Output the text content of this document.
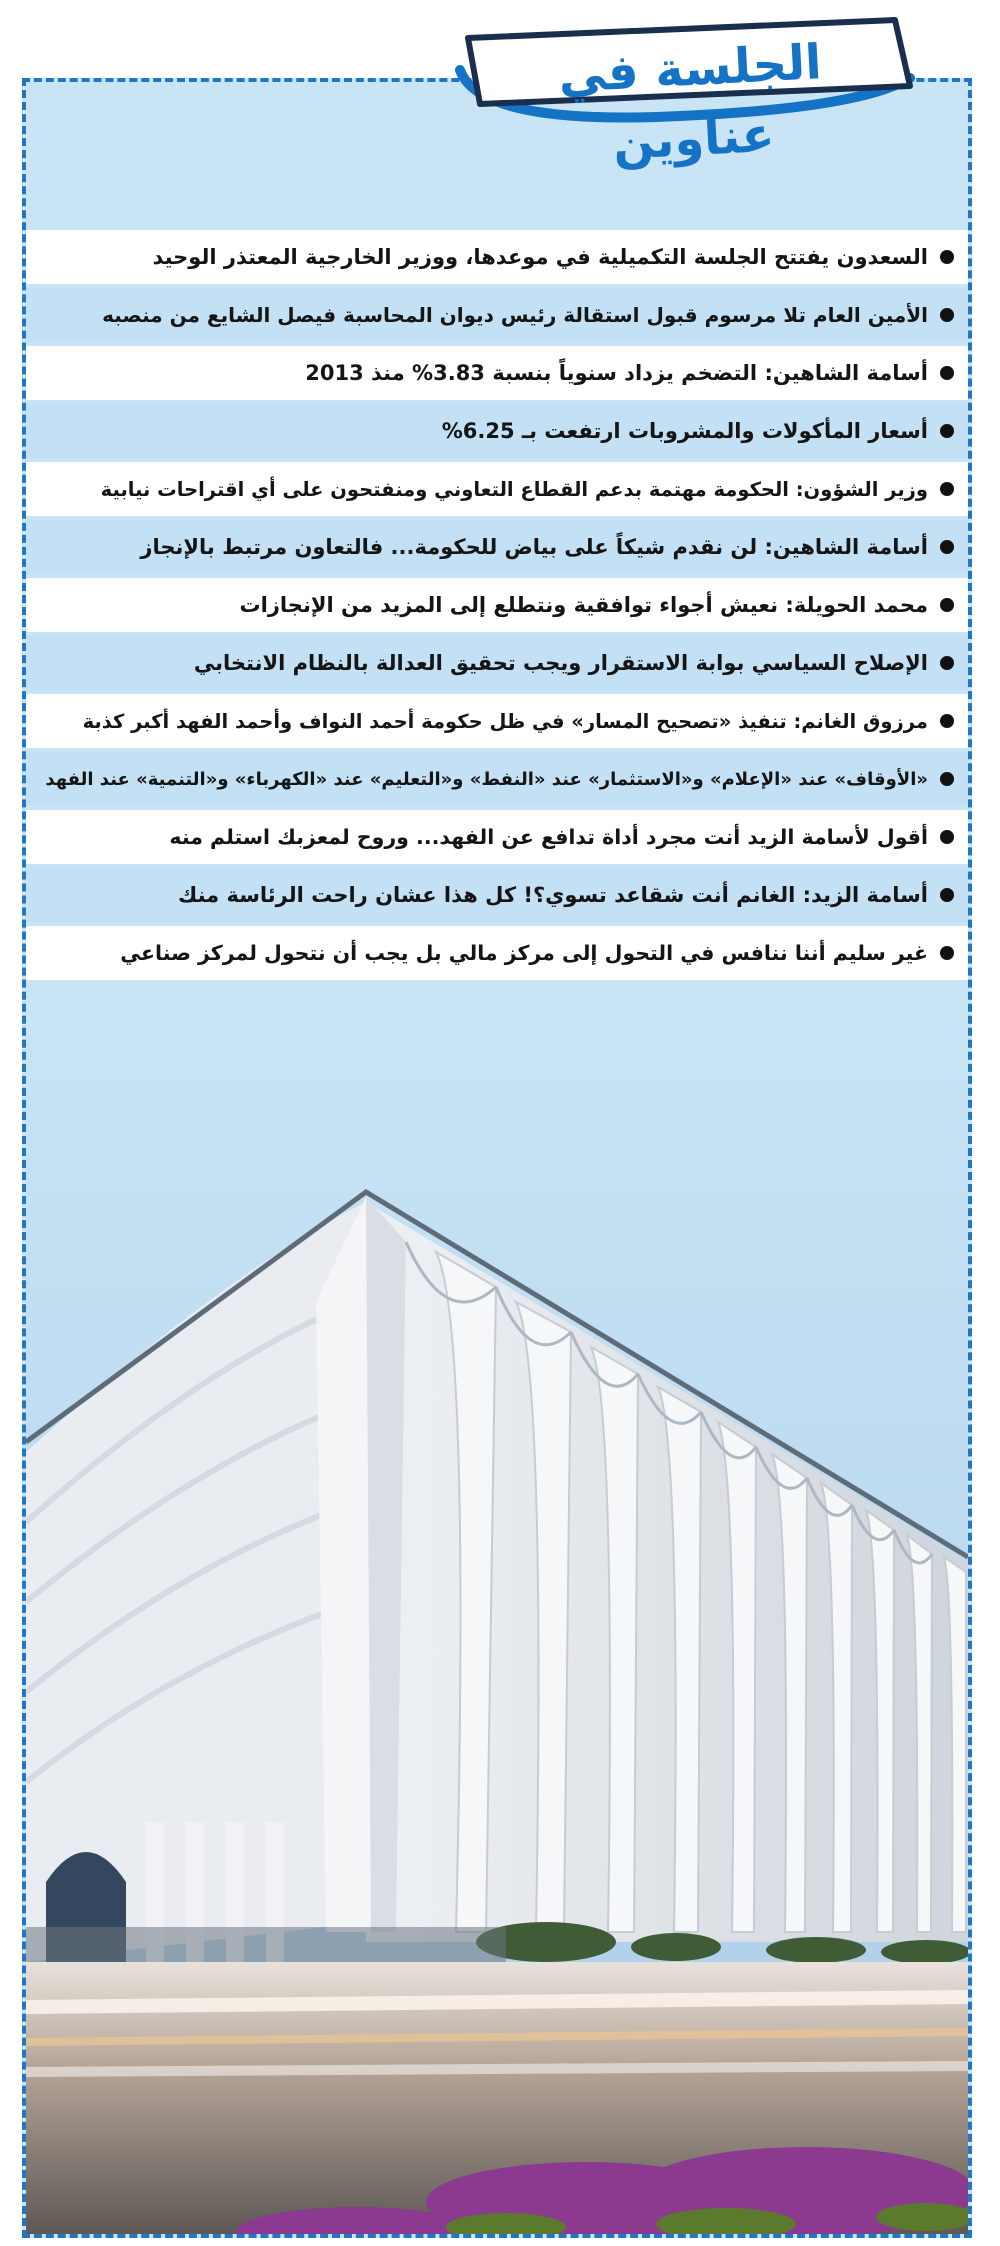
السعدون يفتتح الجلسة التكميلية في موعدها، ووزير الخارجية المعتذر الوحيد
الأمين العام تلا مرسوم قبول استقالة رئيس ديوان المحاسبة فيصل الشايع من منصبه
أسامة الشاهين: التضخم يزداد سنوياً بنسبة 3.83% منذ 2013
أسعار المأكولات والمشروبات ارتفعت بـ 6.25%
وزير الشؤون: الحكومة مهتمة بدعم القطاع التعاوني ومنفتحون على أي اقتراحات نيابية
أسامة الشاهين: لن نقدم شيكاً على بياض للحكومة... فالتعاون مرتبط بالإنجاز
محمد الحويلة: نعيش أجواء توافقية ونتطلع إلى المزيد من الإنجازات
الإصلاح السياسي بوابة الاستقرار ويجب تحقيق العدالة بالنظام الانتخابي
مرزوق الغانم: تنفيذ «تصحيح المسار» في ظل حكومة أحمد النواف وأحمد الفهد أكبر كذبة
«الأوقاف» عند «الإعلام» و«الاستثمار» عند «النفط» و«التعليم» عند «الكهرباء» و«التنمية» عند الفهد
أقول لأسامة الزيد أنت مجرد أداة تدافع عن الفهد... وروح لمعزبك استلم منه
أسامة الزيد: الغانم أنت شقاعد تسوي؟! كل هذا عشان راحت الرئاسة منك
غير سليم أننا ننافس في التحول إلى مركز مالي بل يجب أن نتحول لمركز صناعي
الجلسة في عناوين
